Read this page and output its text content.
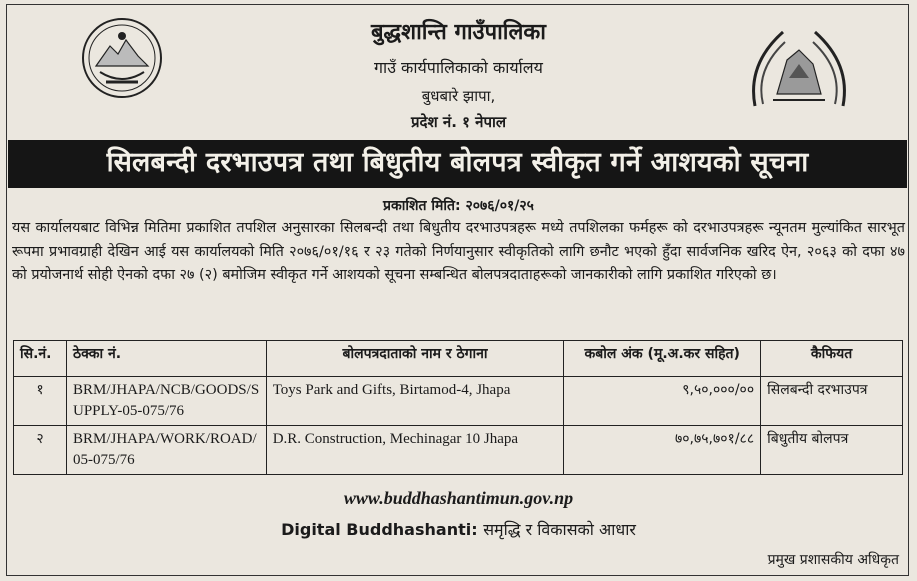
बुद्धशान्ति गाउँपालिका
गाउँ कार्यपालिकाको कार्यालय
बुधबारे झापा,
प्रदेश नं. १ नेपाल
सिलबन्दी दरभाउपत्र तथा बिधुतीय बोलपत्र स्वीकृत गर्ने आशयको सूचना
प्रकाशित मिति: २०७६/०१/२५
यस कार्यालयबाट विभिन्न मितिमा प्रकाशित तपशिल अनुसारका सिलबन्दी तथा बिधुतीय दरभाउपत्रहरू मध्ये तपशिलका फर्महरू को दरभाउपत्रहरू न्यूनतम मुल्यांकित सारभूत रूपमा प्रभावग्राही देखिन आई यस कार्यालयको मिति २०७६/०१/१६ र २३ गतेको निर्णयानुसार स्वीकृतिको लागि छनौट भएको हुँदा सार्वजनिक खरिद ऐन, २०६३ को दफा ४७ को प्रयोजनार्थ सोही ऐनको दफा २७ (२) बमोजिम स्वीकृत गर्ने आशयको सूचना सम्बन्धित बोलपत्रदाताहरूको जानकारीको लागि प्रकाशित गरिएको छ।
सि.नं.	ठेक्का नं.	बोलपत्रदाताको नाम र ठेगाना	कबोल अंक (मू.अ.कर सहित)	कैफियत
१	BRM/JHAPA/NCB/GOODS/SUPPLY-05-075/76	Toys Park and Gifts, Birtamod-4, Jhapa	९,५०,०००/००	सिलबन्दी दरभाउपत्र
२	BRM/JHAPA/WORK/ROAD/05-075/76	D.R. Construction, Mechinagar 10 Jhapa	७०,७५,७०१/८८	बिधुतीय बोलपत्र
www.buddhashantimun.gov.np
Digital Buddhashanti: समृद्धि र विकासको आधार
प्रमुख प्रशासकीय अधिकृत
